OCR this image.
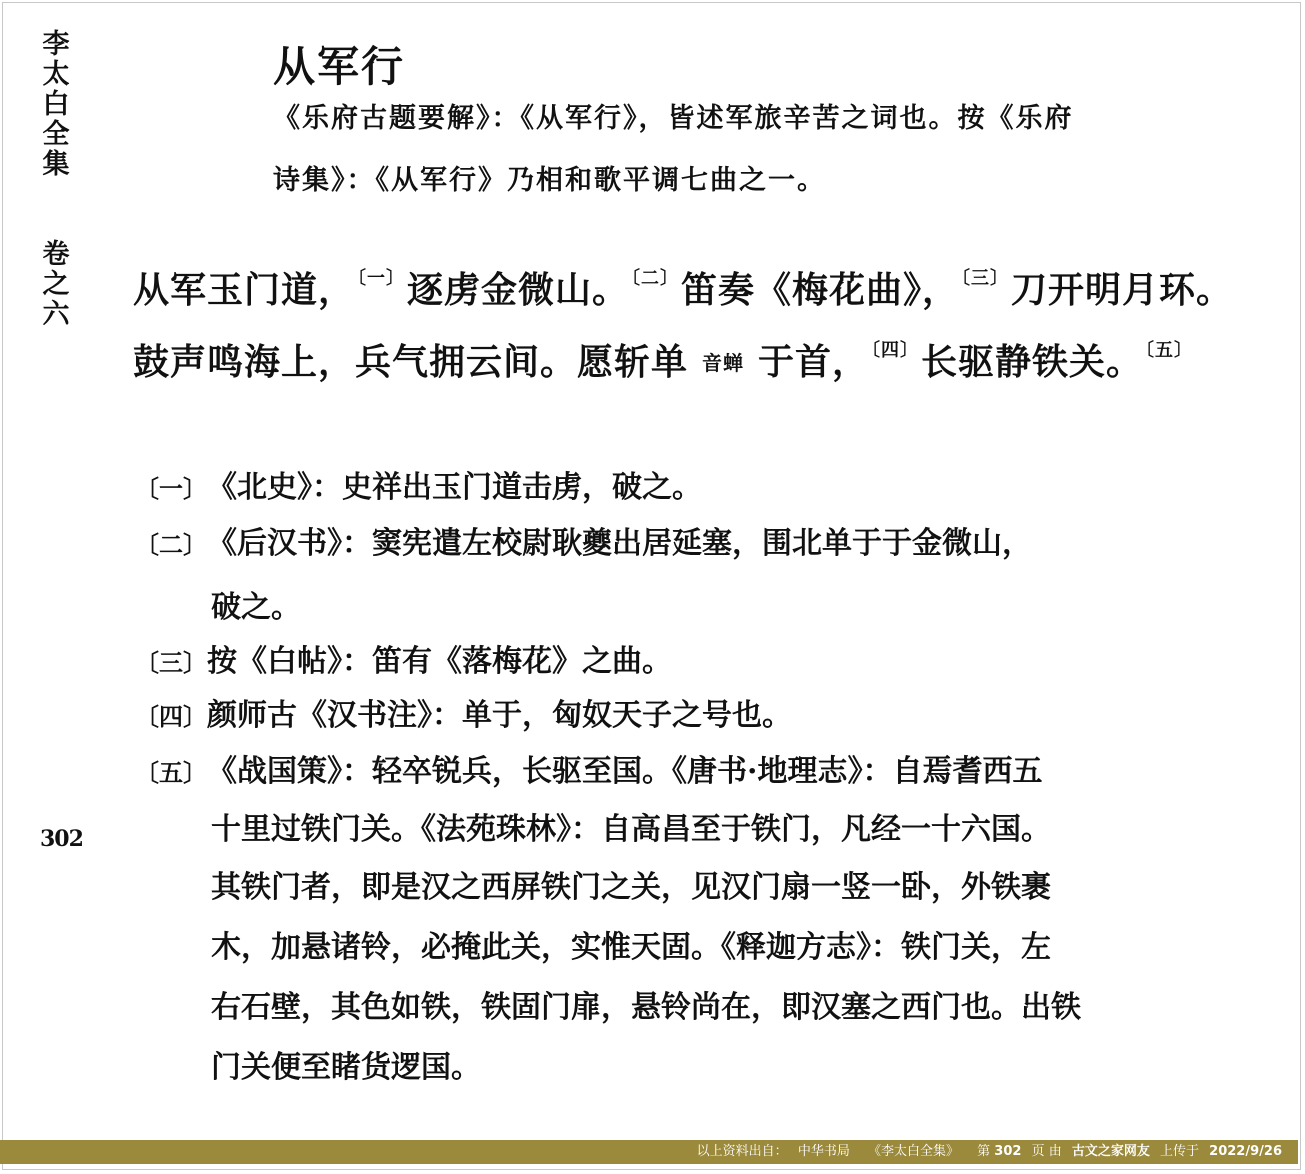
李
太
白
全
集
卷
之
六
302
从军行
《乐府古题要解》：《从军行》，皆述军旅辛苦之词也。按《乐府
诗集》：《从军行》乃相和歌平调七曲之一。
从军玉门道， $^{〔一〕}$逐虏金微山。 $^{〔二〕}$笛奏《梅花曲》， $^{〔三〕}$刀开明月环。
鼓声鸣海上，兵气拥云间。愿斩单 音蝉 于首， $^{〔四〕}$长驱静铁关。 $^{〔五〕}$
〔一〕《北史》：史祥出玉门道击虏，破之。
〔二〕《后汉书》：窦宪遣左校尉耿夔出居延塞，围北单于于金微山，
破之。
〔三〕按《白帖》：笛有《落梅花》之曲。
〔四〕颜师古《汉书注》：单于，匈奴天子之号也。
〔五〕《战国策》：轻卒锐兵，长驱至国。《唐书·地理志》：自焉耆西五
十里过铁门关。《法苑珠林》：自高昌至于铁门，凡经一十六国。
其铁门者，即是汉之西屏铁门之关，见汉门扇一竖一卧，外铁裹
木，加悬诸铃，必掩此关，实惟天固。《释迦方志》：铁门关，左
右石壁，其色如铁，铁固门扉，悬铃尚在，即汉塞之西门也。出铁
门关便至睹货逻国。
以上资料出自： 中华书局 《李太白全集》 第 302 页 由 古文之家网友 上传于 2022/9/26
